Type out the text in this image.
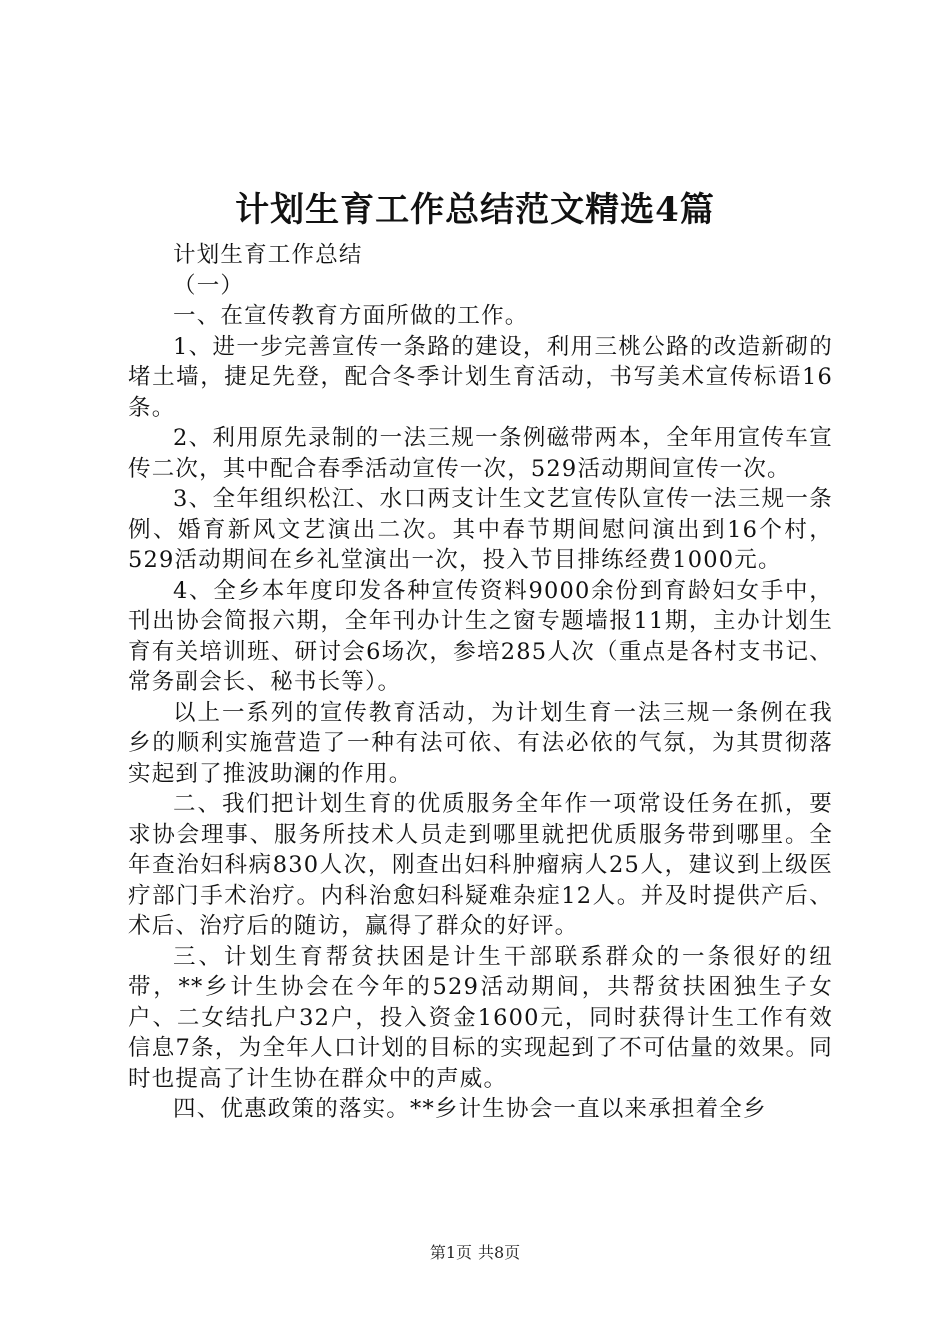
计划生育工作总结范文精选4篇

计划生育工作总结

（一）

一、在宣传教育方面所做的工作。

1、进一步完善宣传一条路的建设，利用三桃公路的改造新砌的堵土墙，捷足先登，配合冬季计划生育活动，书写美术宣传标语16条。

2、利用原先录制的一法三规一条例磁带两本，全年用宣传车宣传二次，其中配合春季活动宣传一次，529活动期间宣传一次。

3、全年组织松江、水口两支计生文艺宣传队宣传一法三规一条例、婚育新风文艺演出二次。其中春节期间慰问演出到16个村，529活动期间在乡礼堂演出一次，投入节目排练经费1000元。

4、全乡本年度印发各种宣传资料9000余份到育龄妇女手中，刊出协会简报六期，全年刊办计生之窗专题墙报11期，主办计划生育有关培训班、研讨会6场次，参培285人次（重点是各村支书记、常务副会长、秘书长等）。

以上一系列的宣传教育活动，为计划生育一法三规一条例在我乡的顺利实施营造了一种有法可依、有法必依的气氛，为其贯彻落实起到了推波助澜的作用。

二、我们把计划生育的优质服务全年作一项常设任务在抓，要求协会理事、服务所技术人员走到哪里就把优质服务带到哪里。全年查治妇科病830人次，刚查出妇科肿瘤病人25人，建议到上级医疗部门手术治疗。内科治愈妇科疑难杂症12人。并及时提供产后、术后、治疗后的随访，赢得了群众的好评。

三、计划生育帮贫扶困是计生干部联系群众的一条很好的纽带，**乡计生协会在今年的529活动期间，共帮贫扶困独生子女户、二女结扎户32户，投入资金1600元，同时获得计生工作有效信息7条，为全年人口计划的目标的实现起到了不可估量的效果。同时也提高了计生协在群众中的声威。

四、优惠政策的落实。**乡计生协会一直以来承担着全乡

第1页 共8页
